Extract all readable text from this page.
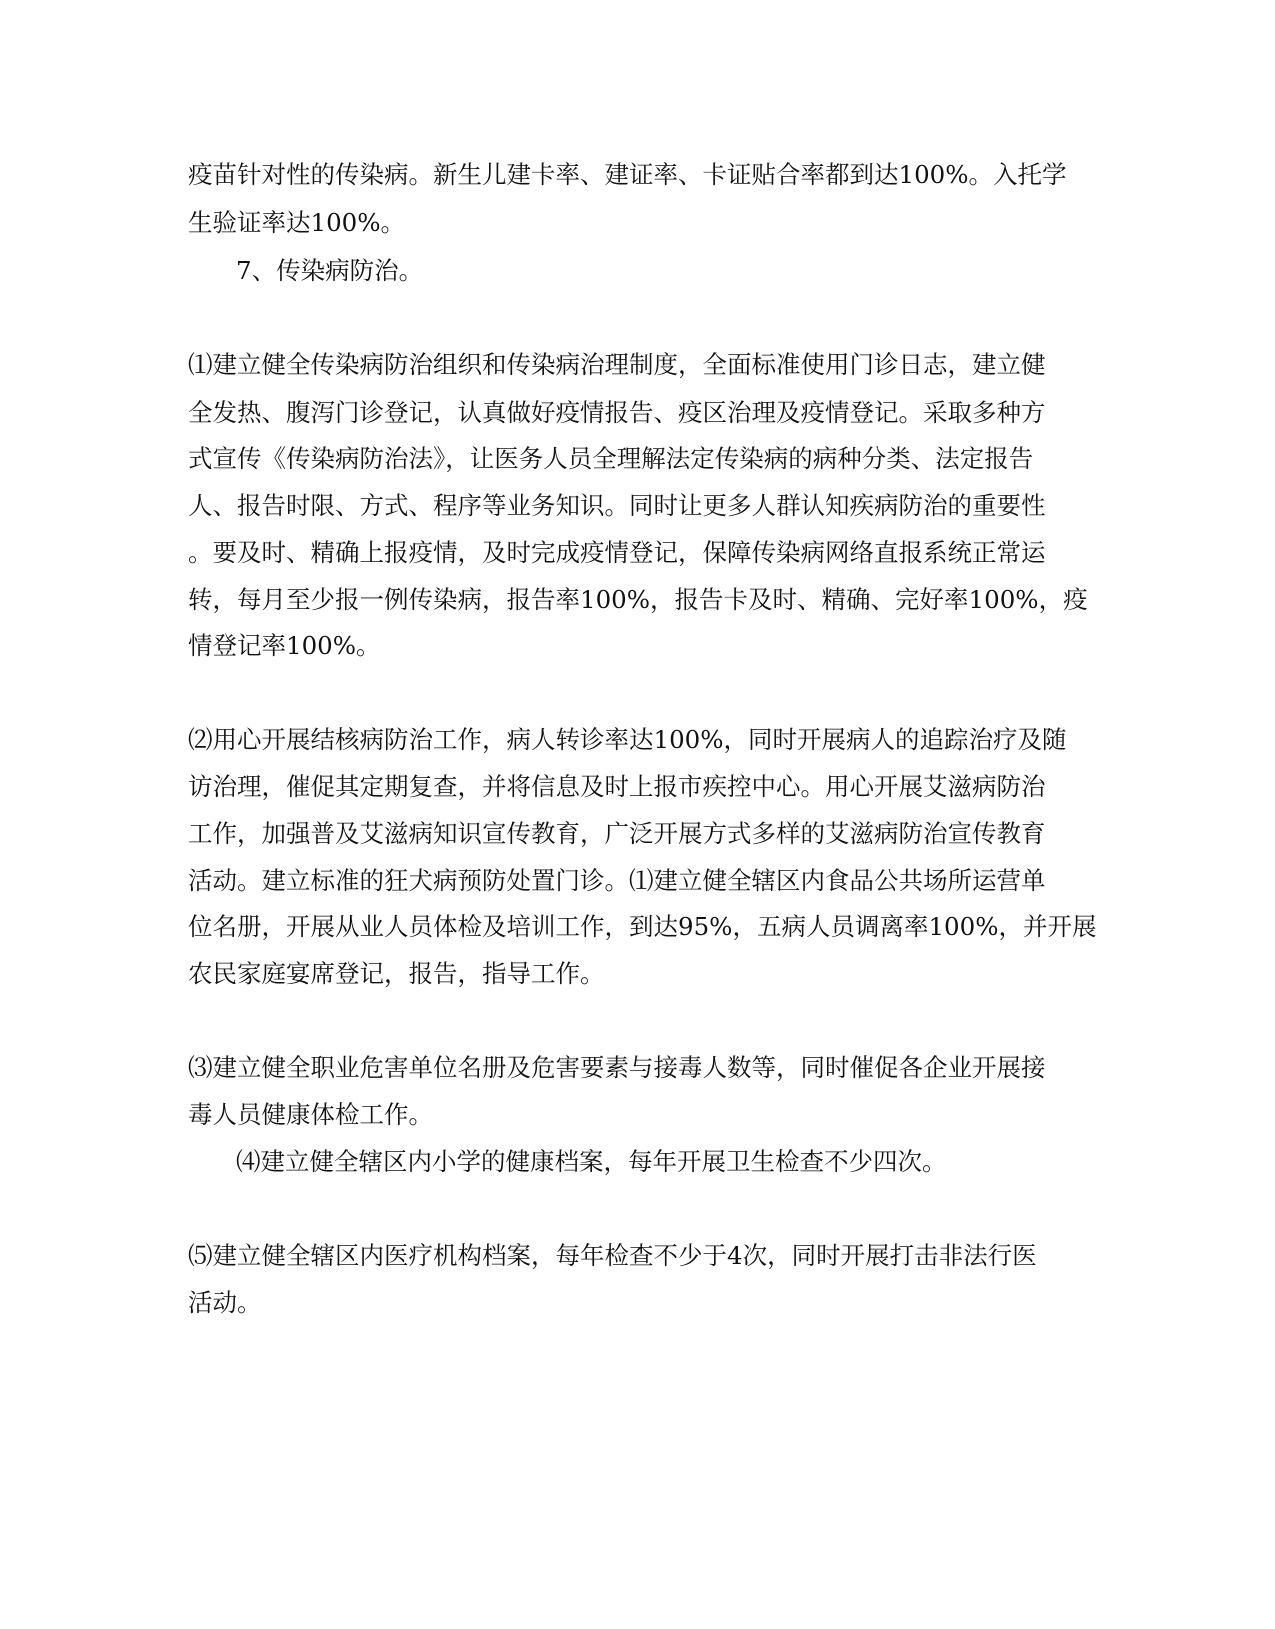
疫苗针对性的传染病。新生儿建卡率、建证率、卡证贴合率都到达100%。入托学

生验证率达100%。

7、传染病防治。

⑴建立健全传染病防治组织和传染病治理制度，全面标准使用门诊日志，建立健

全发热、腹泻门诊登记，认真做好疫情报告、疫区治理及疫情登记。采取多种方

式宣传《传染病防治法》，让医务人员全理解法定传染病的病种分类、法定报告

人、报告时限、方式、程序等业务知识。同时让更多人群认知疾病防治的重要性

。要及时、精确上报疫情，及时完成疫情登记，保障传染病网络直报系统正常运

转，每月至少报一例传染病，报告率100%，报告卡及时、精确、完好率100%，疫

情登记率100%。

⑵用心开展结核病防治工作，病人转诊率达100%，同时开展病人的追踪治疗及随

访治理，催促其定期复查，并将信息及时上报市疾控中心。用心开展艾滋病防治

工作，加强普及艾滋病知识宣传教育，广泛开展方式多样的艾滋病防治宣传教育

活动。建立标准的狂犬病预防处置门诊。⑴建立健全辖区内食品公共场所运营单

位名册，开展从业人员体检及培训工作，到达95%，五病人员调离率100%，并开展

农民家庭宴席登记，报告，指导工作。

⑶建立健全职业危害单位名册及危害要素与接毒人数等，同时催促各企业开展接

毒人员健康体检工作。

⑷建立健全辖区内小学的健康档案，每年开展卫生检查不少四次。

⑸建立健全辖区内医疗机构档案，每年检查不少于4次，同时开展打击非法行医

活动。
